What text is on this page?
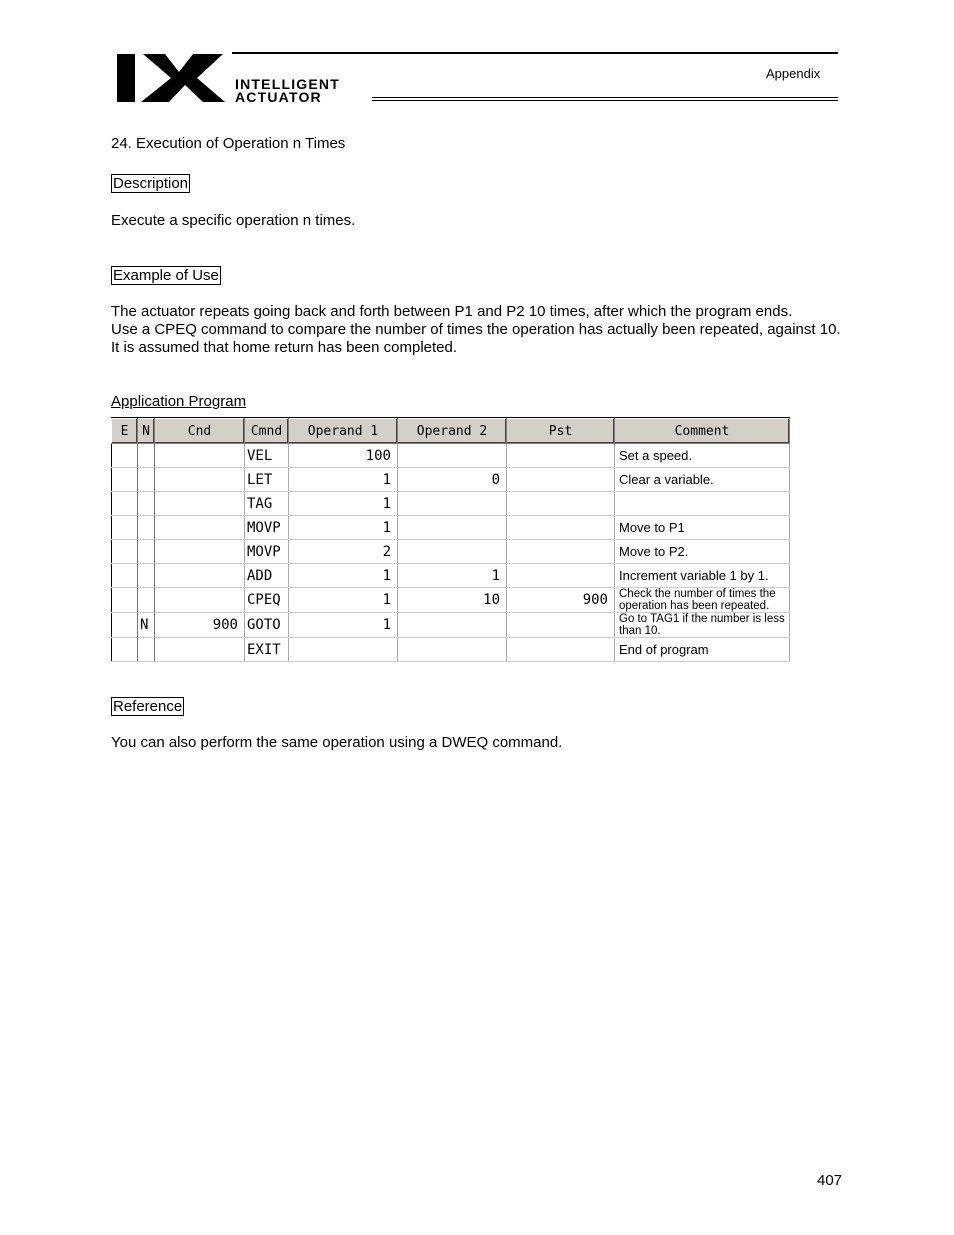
INTELLIGENT
ACTUATOR
Appendix
24. Execution of Operation n Times
Description
Execute a specific operation n times.
Example of Use
The actuator repeats going back and forth between P1 and P2 10 times, after which the program ends.
Use a CPEQ command to compare the number of times the operation has actually been repeated, against 10.
It is assumed that home return has been completed.
Application Program
E	N	Cnd	Cmnd	Operand 1	Operand 2	Pst	Comment
			VEL	100			Set a speed.
			LET	1	0		Clear a variable.
			TAG	1			
			MOVP	1			Move to P1
			MOVP	2			Move to P2.
			ADD	1	1		Increment variable 1 by 1.
			CPEQ	1	10	900	Check the number of times the operation has been repeated.
	N	900	GOTO	1			Go to TAG1 if the number is less than 10.
			EXIT				End of program
Reference
You can also perform the same operation using a DWEQ command.
407
